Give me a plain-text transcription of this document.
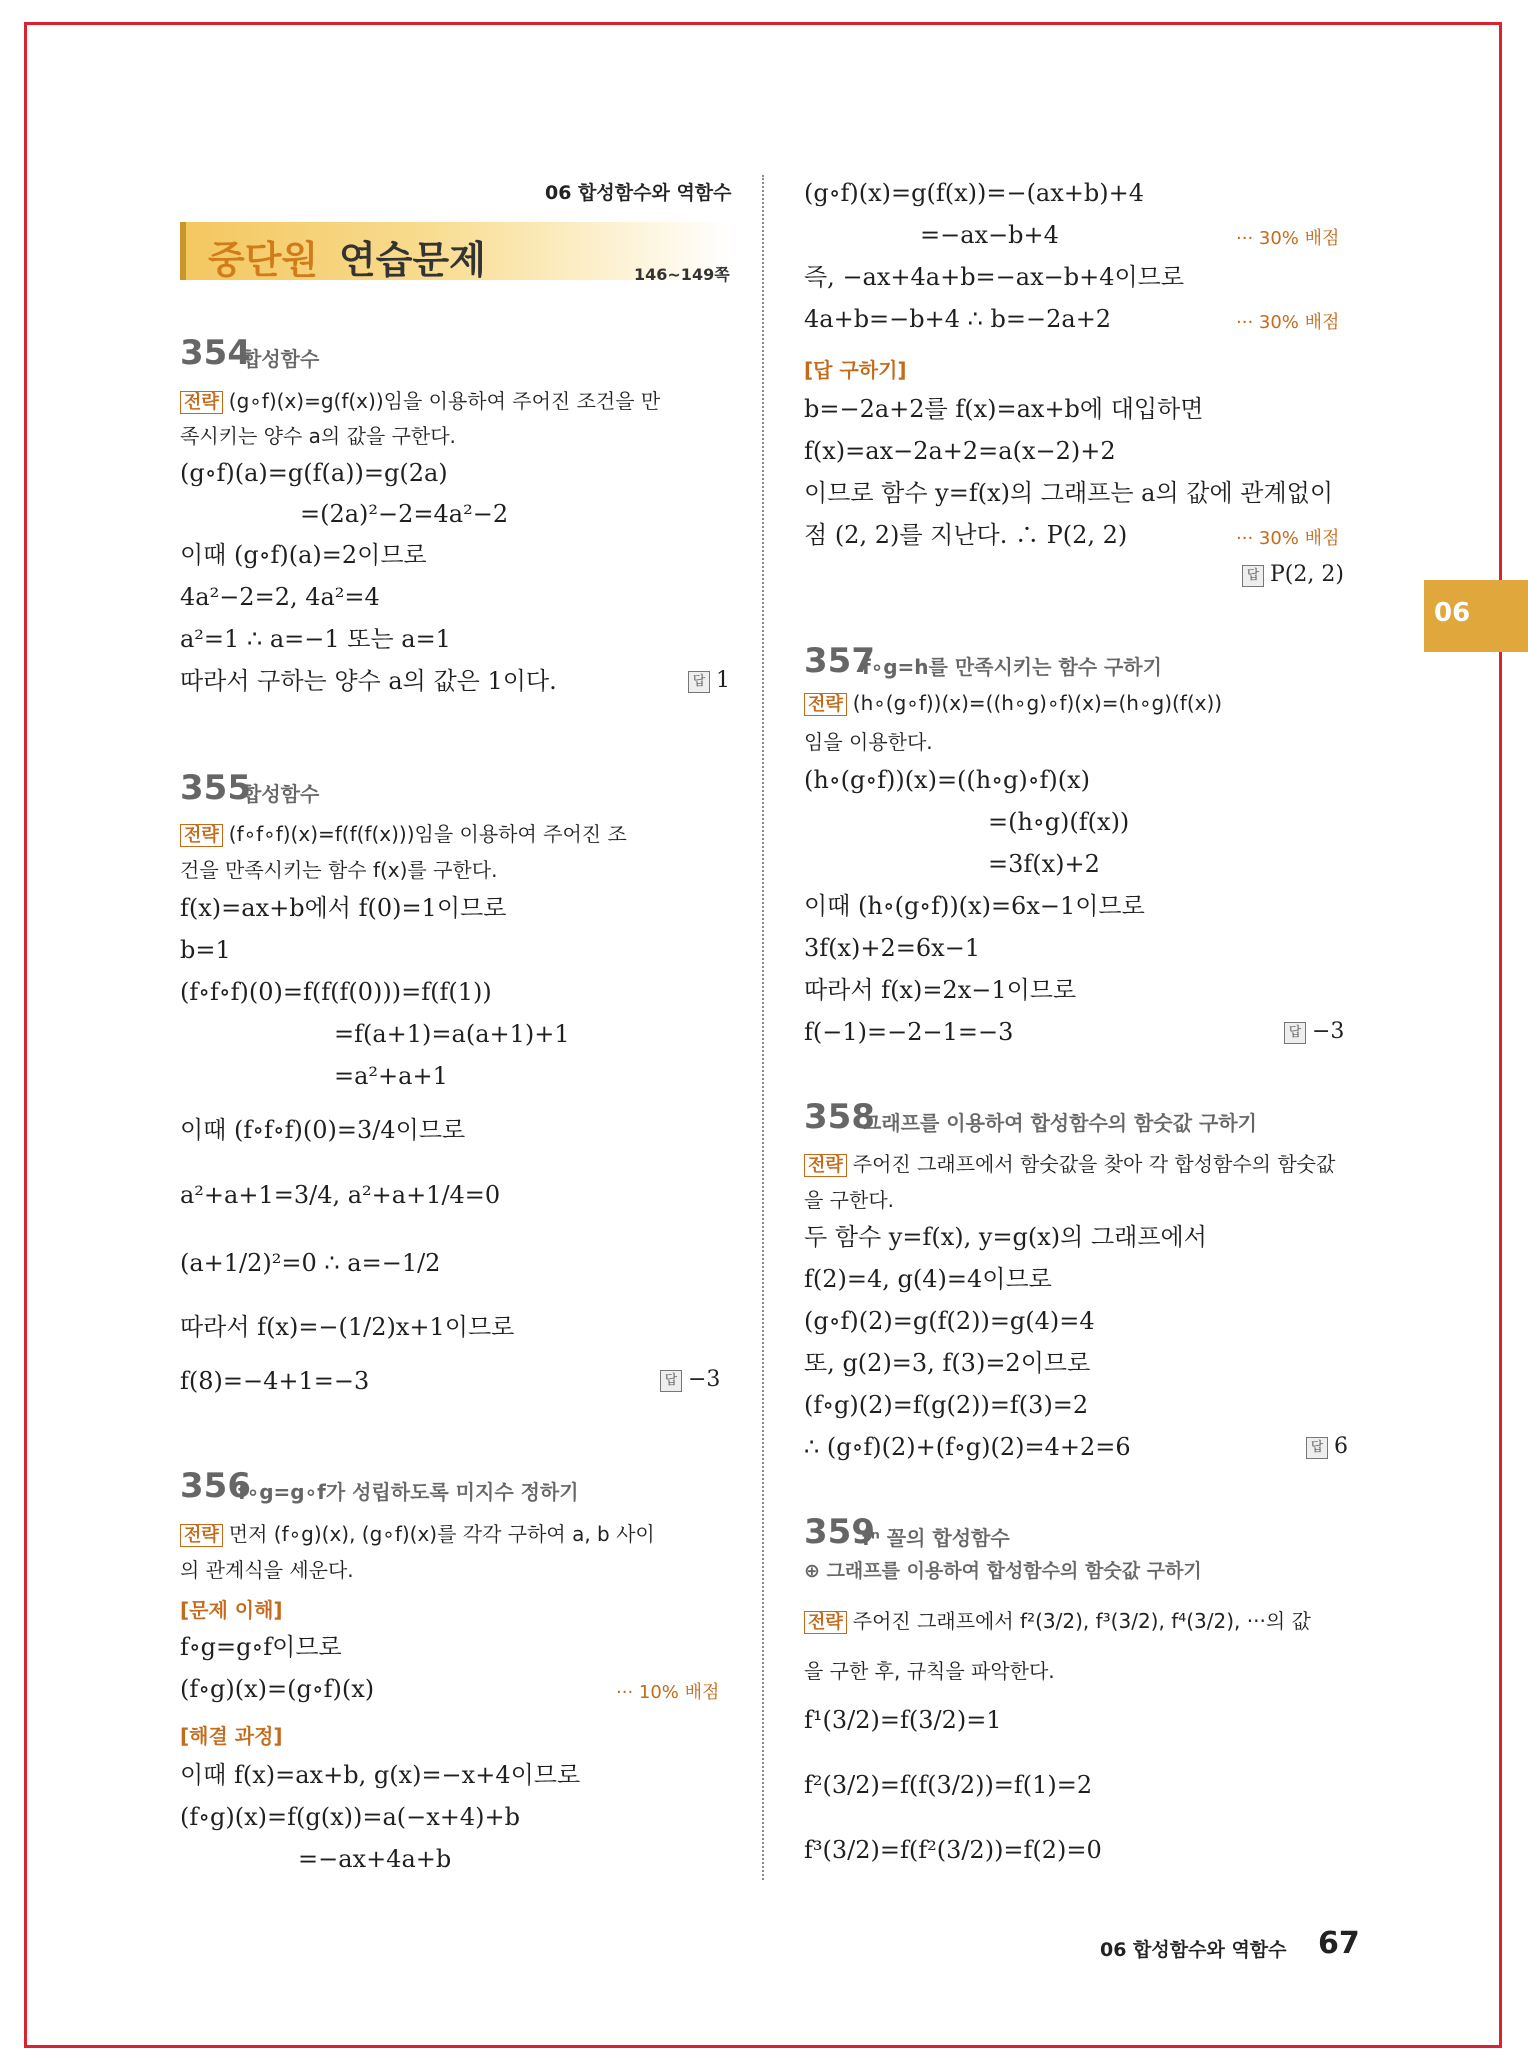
06 합성함수와 역함수
중단원 연습문제	146~149쪽
06
354
합성함수
전략 (g∘f)(x)=g(f(x))임을 이용하여 주어진 조건을 만
족시키는 양수 a의 값을 구한다.
(g∘f)(a)=g(f(a))=g(2a)
=(2a)²−2=4a²−2
이때 (g∘f)(a)=2이므로
4a²−2=2, 4a²=4
a²=1 ∴ a=−1 또는 a=1
따라서 구하는 양수 a의 값은 1이다.	답 1
355
합성함수
전략 (f∘f∘f)(x)=f(f(f(x)))임을 이용하여 주어진 조
건을 만족시키는 함수 f(x)를 구한다.
f(x)=ax+b에서 f(0)=1이므로
b=1
(f∘f∘f)(0)=f(f(f(0)))=f(f(1))
=f(a+1)=a(a+1)+1
=a²+a+1
이때 (f∘f∘f)(0)=3/4이므로
a²+a+1=3/4, a²+a+1/4=0
(a+1/2)²=0 ∴ a=−1/2
따라서 f(x)=−(1/2)x+1이므로
f(8)=−4+1=−3	답 −3
356
f∘g=g∘f가 성립하도록 미지수 정하기
전략 먼저 (f∘g)(x), (g∘f)(x)를 각각 구하여 a, b 사이
의 관계식을 세운다.
[문제 이해]
f∘g=g∘f이므로
(f∘g)(x)=(g∘f)(x)	··· 10% 배점
[해결 과정]
이때 f(x)=ax+b, g(x)=−x+4이므로
(f∘g)(x)=f(g(x))=a(−x+4)+b
=−ax+4a+b
(g∘f)(x)=g(f(x))=−(ax+b)+4
=−ax−b+4	··· 30% 배점
즉, −ax+4a+b=−ax−b+4이므로
4a+b=−b+4 ∴ b=−2a+2	··· 30% 배점
[답 구하기]
b=−2a+2를 f(x)=ax+b에 대입하면
f(x)=ax−2a+2=a(x−2)+2
이므로 함수 y=f(x)의 그래프는 a의 값에 관계없이
점 (2, 2)를 지난다. ∴ P(2, 2)	··· 30% 배점
답 P(2, 2)
357
f∘g=h를 만족시키는 함수 구하기
전략 (h∘(g∘f))(x)=((h∘g)∘f)(x)=(h∘g)(f(x))
임을 이용한다.
(h∘(g∘f))(x)=((h∘g)∘f)(x)
=(h∘g)(f(x))
=3f(x)+2
이때 (h∘(g∘f))(x)=6x−1이므로
3f(x)+2=6x−1
따라서 f(x)=2x−1이므로
f(−1)=−2−1=−3	답 −3
358
그래프를 이용하여 합성함수의 함숫값 구하기
전략 주어진 그래프에서 함숫값을 찾아 각 합성함수의 함숫값
을 구한다.
두 함수 y=f(x), y=g(x)의 그래프에서
f(2)=4, g(4)=4이므로
(g∘f)(2)=g(f(2))=g(4)=4
또, g(2)=3, f(3)=2이므로
(f∘g)(2)=f(g(2))=f(3)=2
∴ (g∘f)(2)+(f∘g)(2)=4+2=6	답 6
359
fⁿ 꼴의 합성함수
⊕ 그래프를 이용하여 합성함수의 함숫값 구하기
전략 주어진 그래프에서 f²(3/2), f³(3/2), f⁴(3/2), ···의 값
을 구한 후, 규칙을 파악한다.
f¹(3/2)=f(3/2)=1
f²(3/2)=f(f(3/2))=f(1)=2
f³(3/2)=f(f²(3/2))=f(2)=0
06 합성함수와 역함수 67
